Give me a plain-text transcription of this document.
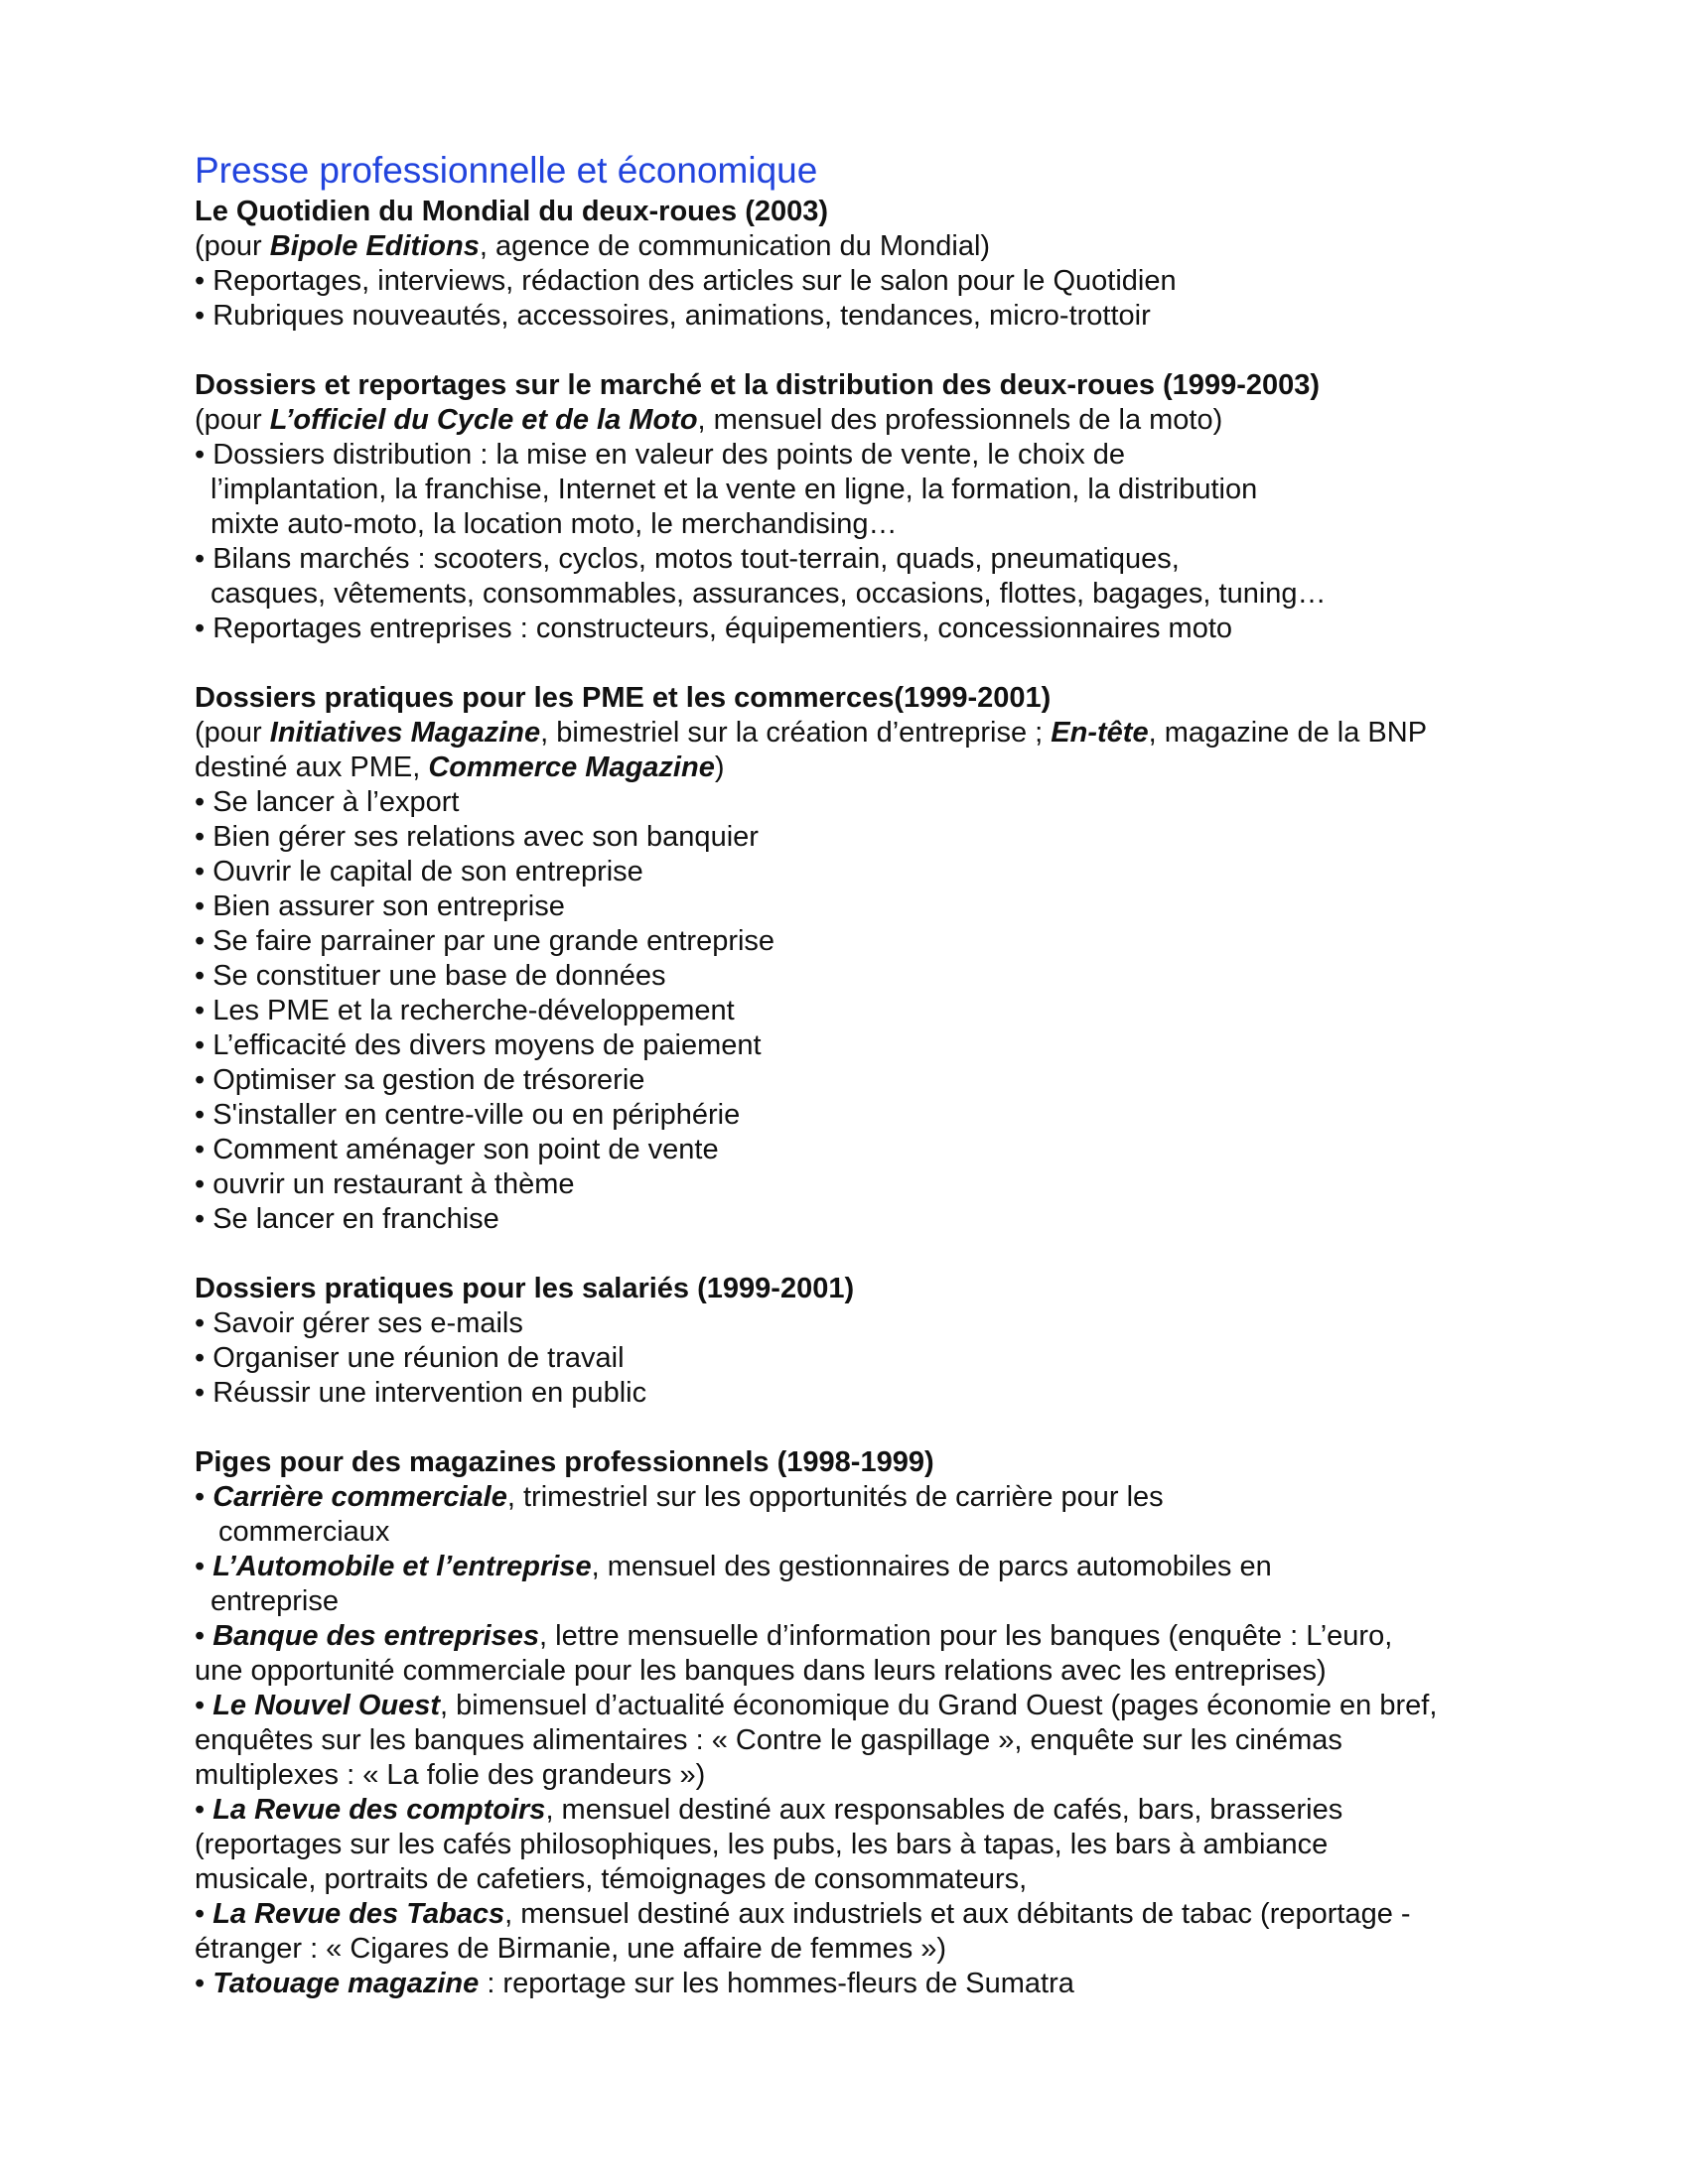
Presse professionnelle et économique

Le Quotidien du Mondial du deux-roues (2003)

(pour Bipole Editions, agence de communication du Mondial)

• Reportages, interviews, rédaction des articles sur le salon pour le Quotidien

• Rubriques nouveautés, accessoires, animations, tendances, micro-trottoir

Dossiers et reportages sur le marché et la distribution des deux-roues (1999-2003)

(pour L’officiel du Cycle et de la Moto, mensuel des professionnels de la moto)

• Dossiers distribution : la mise en valeur des points de vente, le choix de

l’implantation, la franchise, Internet et la vente en ligne, la formation, la distribution

mixte auto-moto, la location moto, le merchandising…

• Bilans marchés : scooters, cyclos, motos tout-terrain, quads, pneumatiques,

casques, vêtements, consommables, assurances, occasions, flottes, bagages, tuning…

• Reportages entreprises : constructeurs, équipementiers, concessionnaires moto

Dossiers pratiques pour les PME et les commerces(1999-2001)

(pour Initiatives Magazine, bimestriel sur la création d’entreprise ; En-tête, magazine de la BNP

destiné aux PME, Commerce Magazine)

• Se lancer à l’export

• Bien gérer ses relations avec son banquier

• Ouvrir le capital de son entreprise

• Bien assurer son entreprise

• Se faire parrainer par une grande entreprise

• Se constituer une base de données

• Les PME et la recherche-développement

• L’efficacité des divers moyens de paiement

• Optimiser sa gestion de trésorerie

• S'installer en centre-ville ou en périphérie

• Comment aménager son point de vente

• ouvrir un restaurant à thème

• Se lancer en franchise

Dossiers pratiques pour les salariés (1999-2001)

• Savoir gérer ses e-mails

• Organiser une réunion de travail

• Réussir une intervention en public

Piges pour des magazines professionnels (1998-1999)

• Carrière commerciale, trimestriel sur les opportunités de carrière pour les

commerciaux

• L’Automobile et l’entreprise, mensuel des gestionnaires de parcs automobiles en

entreprise

• Banque des entreprises, lettre mensuelle d’information pour les banques (enquête : L’euro,

une opportunité commerciale pour les banques dans leurs relations avec les entreprises)

• Le Nouvel Ouest, bimensuel d’actualité économique du Grand Ouest (pages économie en bref,

enquêtes sur les banques alimentaires : « Contre le gaspillage », enquête sur les cinémas

multiplexes : « La folie des grandeurs »)

• La Revue des comptoirs, mensuel destiné aux responsables de cafés, bars, brasseries

(reportages sur les cafés philosophiques, les pubs, les bars à tapas, les bars à ambiance

musicale, portraits de cafetiers, témoignages de consommateurs,

• La Revue des Tabacs, mensuel destiné aux industriels et aux débitants de tabac (reportage -

étranger : « Cigares de Birmanie, une affaire de femmes »)

• Tatouage magazine : reportage sur les hommes-fleurs de Sumatra
